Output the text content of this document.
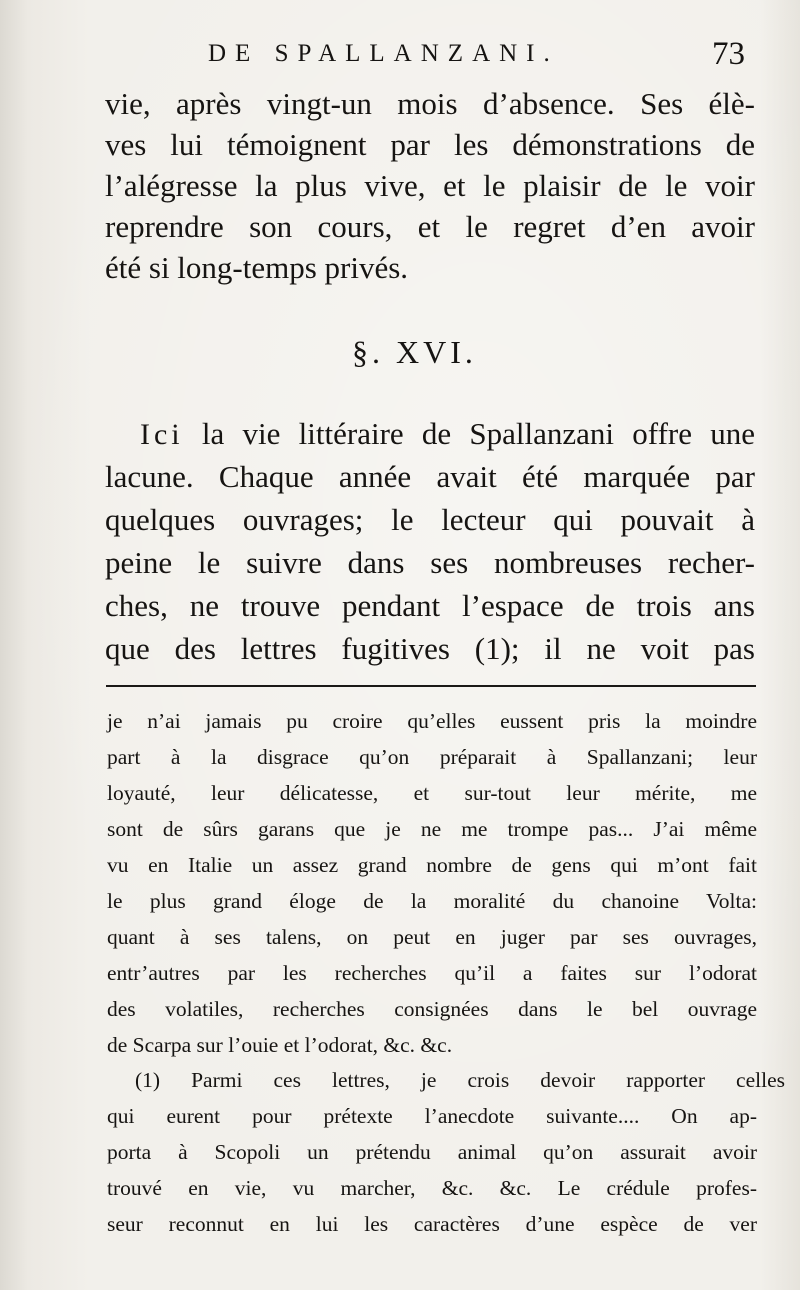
DE SPALLANZANI.	73
vie, après vingt-un mois d’absence. Ses élè-
ves lui témoignent par les démonstrations de
l’alégresse la plus vive, et le plaisir de le voir
reprendre son cours, et le regret d’en avoir
été si long-temps privés.
§. XVI.
Ici la vie littéraire de Spallanzani offre une
lacune. Chaque année avait été marquée par
quelques ouvrages; le lecteur qui pouvait à
peine le suivre dans ses nombreuses recher-
ches, ne trouve pendant l’espace de trois ans
que des lettres fugitives (1); il ne voit pas
je n’ai jamais pu croire qu’elles eussent pris la moindre
part à la disgrace qu’on préparait à Spallanzani; leur
loyauté, leur délicatesse, et sur-tout leur mérite, me
sont de sûrs garans que je ne me trompe pas... J’ai même
vu en Italie un assez grand nombre de gens qui m’ont fait
le plus grand éloge de la moralité du chanoine Volta:
quant à ses talens, on peut en juger par ses ouvrages,
entr’autres par les recherches qu’il a faites sur l’odorat
des volatiles, recherches consignées dans le bel ouvrage
de Scarpa sur l’ouie et l’odorat, &c. &c.
(1) Parmi ces lettres, je crois devoir rapporter celles
qui eurent pour prétexte l’anecdote suivante.... On ap-
porta à Scopoli un prétendu animal qu’on assurait avoir
trouvé en vie, vu marcher, &c. &c. Le crédule profes-
seur reconnut en lui les caractères d’une espèce de ver
